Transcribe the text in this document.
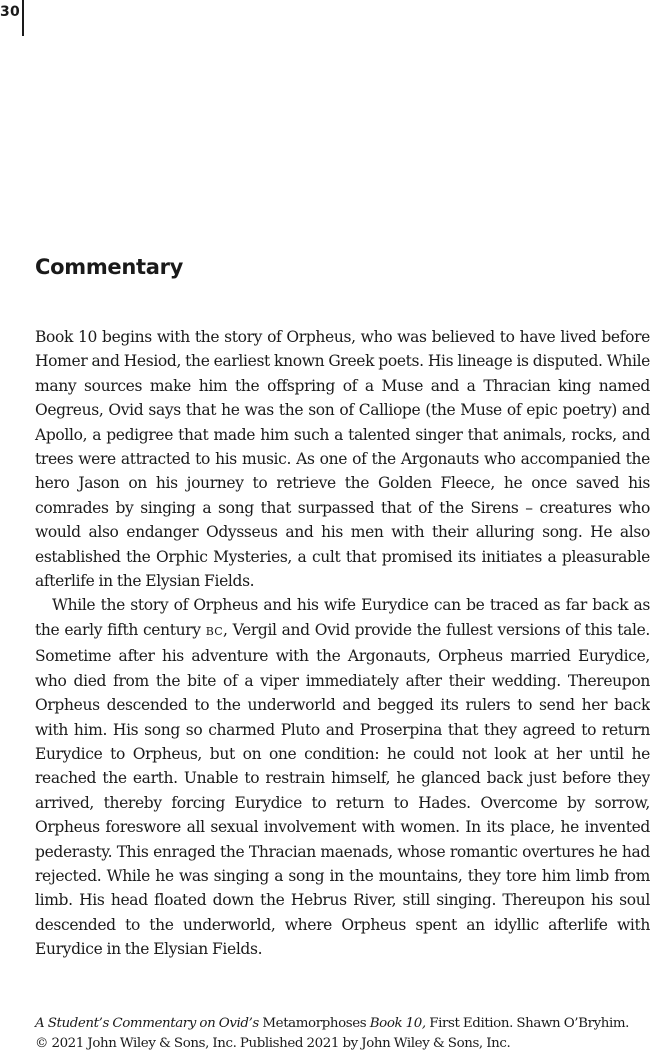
30
Commentary

Book 10 begins with the story of Orpheus, who was believed to have lived before Homer and Hesiod, the earliest known Greek poets. His lineage is disputed. While many sources make him the offspring of a Muse and a Thracian king named Oegreus, Ovid says that he was the son of Calliope (the Muse of epic poetry) and Apollo, a pedigree that made him such a talented singer that animals, rocks, and trees were attracted to his music. As one of the Argonauts who accompanied the hero Jason on his journey to retrieve the Golden Fleece, he once saved his comrades by singing a song that surpassed that of the Sirens – creatures who would also endanger Odysseus and his men with their alluring song. He also established the Orphic Mysteries, a cult that promised its initiates a pleasurable afterlife in the Elysian Fields.

While the story of Orpheus and his wife Eurydice can be traced as far back as the early fifth century BC, Vergil and Ovid provide the fullest versions of this tale. Sometime after his adventure with the Argonauts, Orpheus married Eurydice, who died from the bite of a viper immediately after their wedding. Thereupon Orpheus descended to the underworld and begged its rulers to send her back with him. His song so charmed Pluto and Proserpina that they agreed to return Eurydice to Orpheus, but on one condition: he could not look at her until he reached the earth. Unable to restrain himself, he glanced back just before they arrived, thereby forcing Eurydice to return to Hades. Overcome by sorrow, Orpheus foreswore all sexual involvement with women. In its place, he invented pederasty. This enraged the Thracian maenads, whose romantic overtures he had rejected. While he was singing a song in the mountains, they tore him limb from limb. His head floated down the Hebrus River, still singing. Thereupon his soul descended to the underworld, where Orpheus spent an idyllic afterlife with Eurydice in the Elysian Fields.

A Student’s Commentary on Ovid’s Metamorphoses Book 10, First Edition. Shawn O’Bryhim.
© 2021 John Wiley & Sons, Inc. Published 2021 by John Wiley & Sons, Inc.
